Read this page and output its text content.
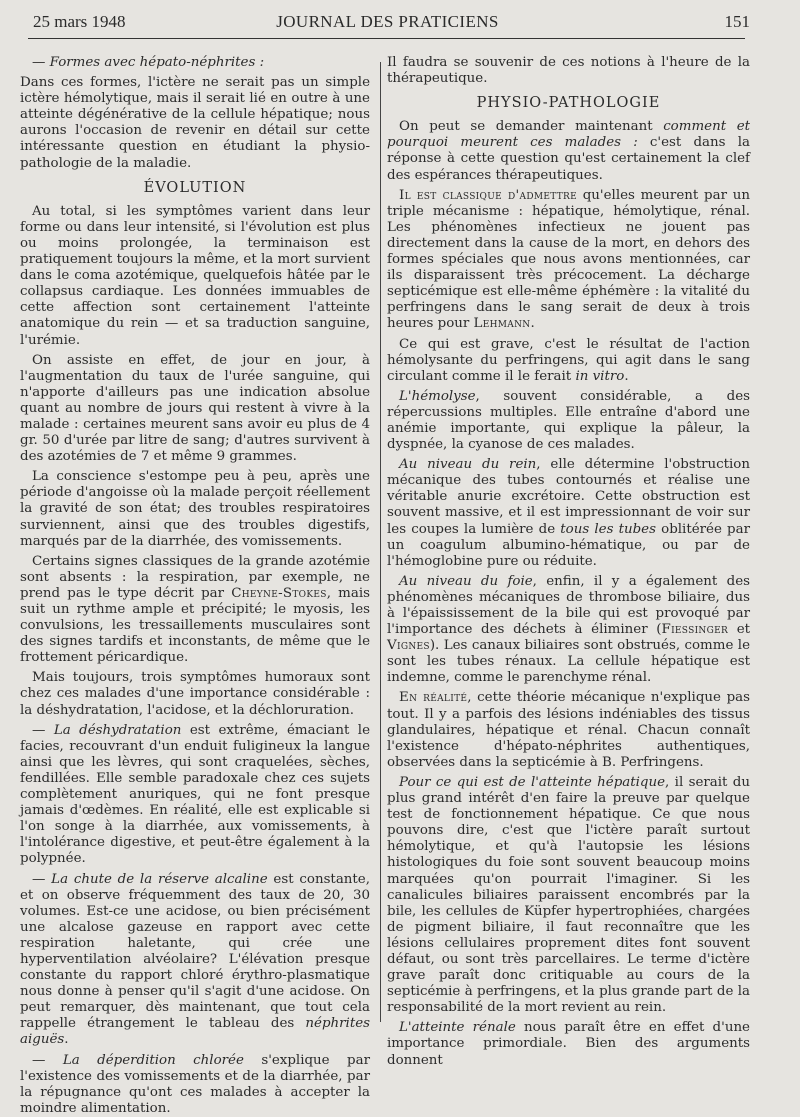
25 mars 1948	JOURNAL DES PRATICIENS	151

— Formes avec hépato-néphrites :

Dans ces formes, l'ictère ne serait pas un simple ictère hémolytique, mais il serait lié en outre à une atteinte dégénérative de la cellule hépatique; nous aurons l'occasion de revenir en détail sur cette intéressante question en étudiant la physio-pathologie de la maladie.

ÉVOLUTION

Au total, si les symptômes varient dans leur forme ou dans leur intensité, si l'évolution est plus ou moins prolongée, la terminaison est pratiquement toujours la même, et la mort survient dans le coma azotémique, quelquefois hâtée par le collapsus cardiaque. Les données immuables de cette affection sont certainement l'atteinte anatomique du rein — et sa traduction sanguine, l'urémie.

On assiste en effet, de jour en jour, à l'augmentation du taux de l'urée sanguine, qui n'apporte d'ailleurs pas une indication absolue quant au nombre de jours qui restent à vivre à la malade : certaines meurent sans avoir eu plus de 4 gr. 50 d'urée par litre de sang; d'autres survivent à des azotémies de 7 et même 9 grammes.

La conscience s'estompe peu à peu, après une période d'angoisse où la malade perçoit réellement la gravité de son état; des troubles respiratoires surviennent, ainsi que des troubles digestifs, marqués par de la diarrhée, des vomissements.

Certains signes classiques de la grande azotémie sont absents : la respiration, par exemple, ne prend pas le type décrit par Cheyne-Stokes, mais suit un rythme ample et précipité; le myosis, les convulsions, les tressaillements musculaires sont des signes tardifs et inconstants, de même que le frottement péricardique.

Mais toujours, trois symptômes humoraux sont chez ces malades d'une importance considérable : la déshydratation, l'acidose, et la déchloruration.

— La déshydratation est extrême, émaciant le facies, recouvrant d'un enduit fuligineux la langue ainsi que les lèvres, qui sont craquelées, sèches, fendillées. Elle semble paradoxale chez ces sujets complètement anuriques, qui ne font presque jamais d'œdèmes. En réalité, elle est explicable si l'on songe à la diarrhée, aux vomissements, à l'intolérance digestive, et peut-être également à la polypnée.

— La chute de la réserve alcaline est constante, et on observe fréquemment des taux de 20, 30 volumes. Est-ce une acidose, ou bien précisément une alcalose gazeuse en rapport avec cette respiration haletante, qui crée une hyperventilation alvéolaire? L'élévation presque constante du rapport chloré érythro-plasmatique nous donne à penser qu'il s'agit d'une acidose. On peut remarquer, dès maintenant, que tout cela rappelle étrangement le tableau des néphrites aiguës.

— La déperdition chlorée s'explique par l'existence des vomissements et de la diarrhée, par la répugnance qu'ont ces malades à accepter la moindre alimentation.

Il faudra se souvenir de ces notions à l'heure de la thérapeutique.

PHYSIO-PATHOLOGIE

On peut se demander maintenant comment et pourquoi meurent ces malades : c'est dans la réponse à cette question qu'est certainement la clef des espérances thérapeutiques.

Il est classique d'admettre qu'elles meurent par un triple mécanisme : hépatique, hémolytique, rénal. Les phénomènes infectieux ne jouent pas directement dans la cause de la mort, en dehors des formes spéciales que nous avons mentionnées, car ils disparaissent très précocement. La décharge septicémique est elle-même éphémère : la vitalité du perfringens dans le sang serait de deux à trois heures pour Lehmann.

Ce qui est grave, c'est le résultat de l'action hémolysante du perfringens, qui agit dans le sang circulant comme il le ferait in vitro.

L'hémolyse, souvent considérable, a des répercussions multiples. Elle entraîne d'abord une anémie importante, qui explique la pâleur, la dyspnée, la cyanose de ces malades.

Au niveau du rein, elle détermine l'obstruction mécanique des tubes contournés et réalise une véritable anurie excrétoire. Cette obstruction est souvent massive, et il est impressionnant de voir sur les coupes la lumière de tous les tubes oblitérée par un coagulum albumino-hématique, ou par de l'hémoglobine pure ou réduite.

Au niveau du foie, enfin, il y a également des phénomènes mécaniques de thrombose biliaire, dus à l'épaississement de la bile qui est provoqué par l'importance des déchets à éliminer (Fiessinger et Vignes). Les canaux biliaires sont obstrués, comme le sont les tubes rénaux. La cellule hépatique est indemne, comme le parenchyme rénal.

En réalité, cette théorie mécanique n'explique pas tout. Il y a parfois des lésions indéniables des tissus glandulaires, hépatique et rénal. Chacun connaît l'existence d'hépato-néphrites authentiques, observées dans la septicémie à B. Perfringens.

Pour ce qui est de l'atteinte hépatique, il serait du plus grand intérêt d'en faire la preuve par quelque test de fonctionnement hépatique. Ce que nous pouvons dire, c'est que l'ictère paraît surtout hémolytique, et qu'à l'autopsie les lésions histologiques du foie sont souvent beaucoup moins marquées qu'on pourrait l'imaginer. Si les canalicules biliaires paraissent encombrés par la bile, les cellules de Küpfer hypertrophiées, chargées de pigment biliaire, il faut reconnaître que les lésions cellulaires proprement dites font souvent défaut, ou sont très parcellaires. Le terme d'ictère grave paraît donc critiquable au cours de la septicémie à perfringens, et la plus grande part de la responsabilité de la mort revient au rein.

L'atteinte rénale nous paraît être en effet d'une importance primordiale. Bien des arguments donnent
